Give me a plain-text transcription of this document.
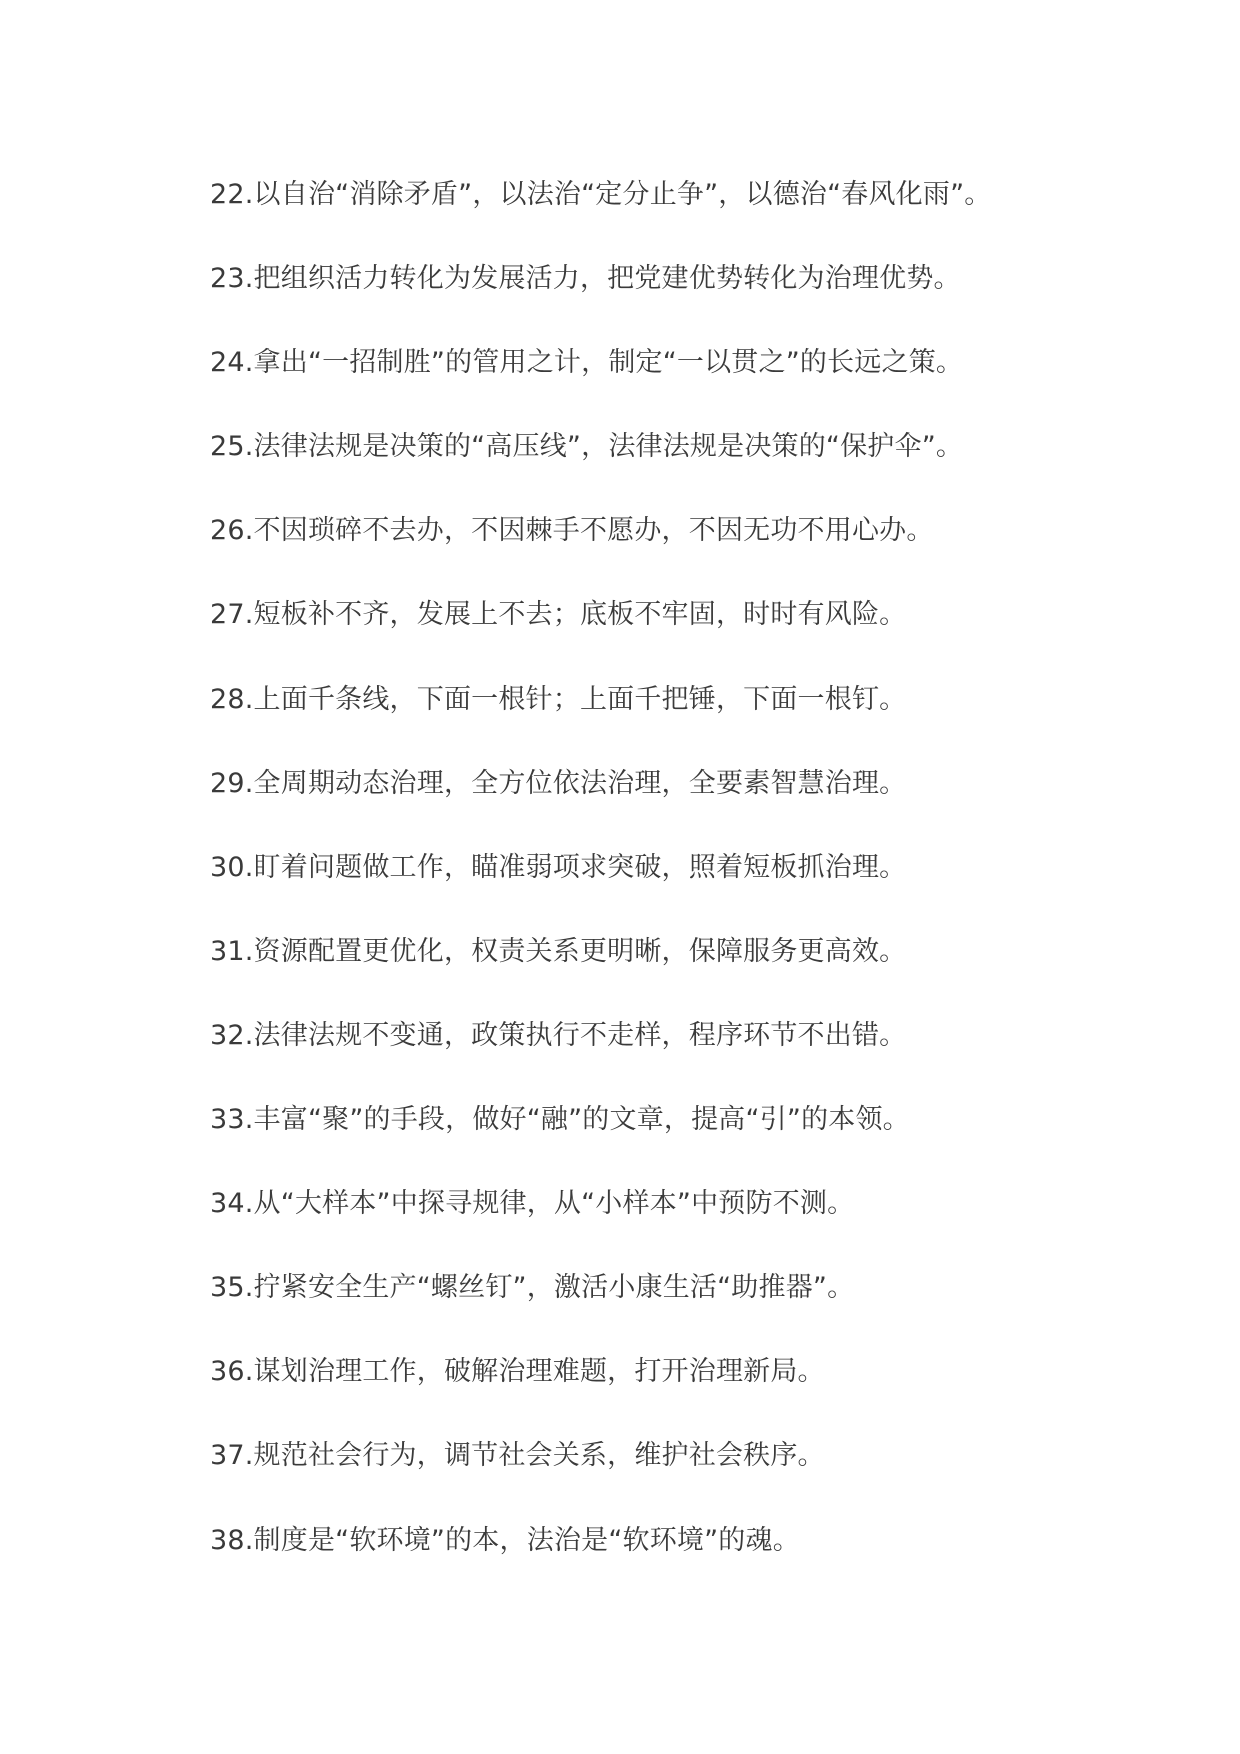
22.以自治“消除矛盾”，以法治“定分止争”，以德治“春风化雨”。
23.把组织活力转化为发展活力，把党建优势转化为治理优势。
24.拿出“一招制胜”的管用之计，制定“一以贯之”的长远之策。
25.法律法规是决策的“高压线”，法律法规是决策的“保护伞”。
26.不因琐碎不去办，不因棘手不愿办，不因无功不用心办。
27.短板补不齐，发展上不去；底板不牢固，时时有风险。
28.上面千条线，下面一根针；上面千把锤，下面一根钉。
29.全周期动态治理，全方位依法治理，全要素智慧治理。
30.盯着问题做工作，瞄准弱项求突破，照着短板抓治理。
31.资源配置更优化，权责关系更明晰，保障服务更高效。
32.法律法规不变通，政策执行不走样，程序环节不出错。
33.丰富“聚”的手段，做好“融”的文章，提高“引”的本领。
34.从“大样本”中探寻规律，从“小样本”中预防不测。
35.拧紧安全生产“螺丝钉”，激活小康生活“助推器”。
36.谋划治理工作，破解治理难题，打开治理新局。
37.规范社会行为，调节社会关系，维护社会秩序。
38.制度是“软环境”的本，法治是“软环境”的魂。
